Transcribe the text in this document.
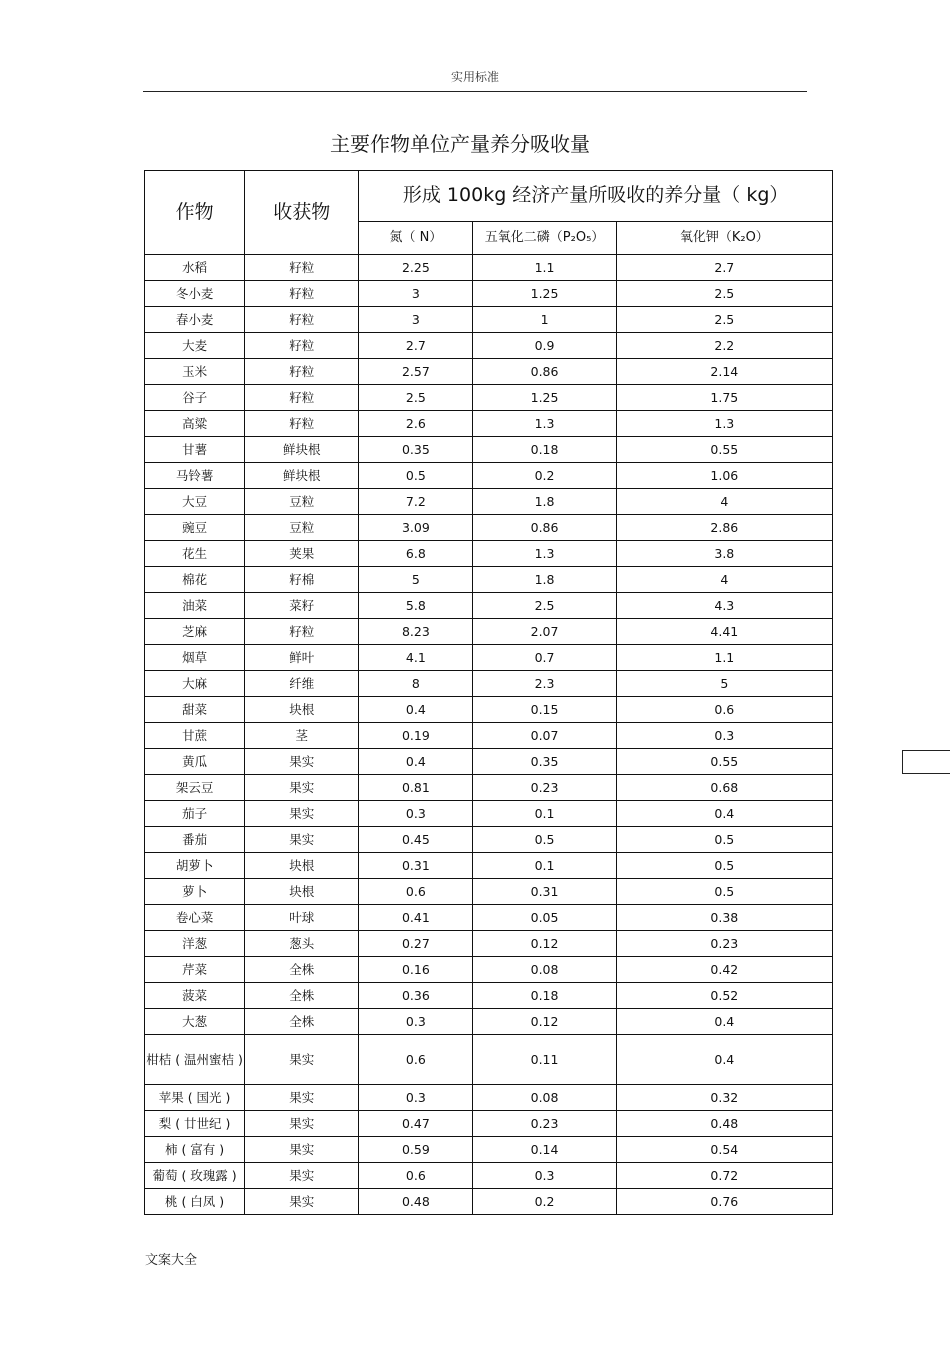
实用标准
主要作物单位产量养分吸收量
作物	收获物	形成 100kg 经济产量所吸收的养分量（ kg）		
		氮（ N）	五氧化二磷（P₂O₅）	氧化钾（K₂O）
水稻	籽粒	2.25	1.1	2.7
冬小麦	籽粒	3	1.25	2.5
春小麦	籽粒	3	1	2.5
大麦	籽粒	2.7	0.9	2.2
玉米	籽粒	2.57	0.86	2.14
谷子	籽粒	2.5	1.25	1.75
高粱	籽粒	2.6	1.3	1.3
甘薯	鲜块根	0.35	0.18	0.55
马铃薯	鲜块根	0.5	0.2	1.06
大豆	豆粒	7.2	1.8	4
豌豆	豆粒	3.09	0.86	2.86
花生	荚果	6.8	1.3	3.8
棉花	籽棉	5	1.8	4
油菜	菜籽	5.8	2.5	4.3
芝麻	籽粒	8.23	2.07	4.41
烟草	鲜叶	4.1	0.7	1.1
大麻	纤维	8	2.3	5
甜菜	块根	0.4	0.15	0.6
甘蔗	茎	0.19	0.07	0.3
黄瓜	果实	0.4	0.35	0.55
架云豆	果实	0.81	0.23	0.68
茄子	果实	0.3	0.1	0.4
番茄	果实	0.45	0.5	0.5
胡萝卜	块根	0.31	0.1	0.5
萝卜	块根	0.6	0.31	0.5
卷心菜	叶球	0.41	0.05	0.38
洋葱	葱头	0.27	0.12	0.23
芹菜	全株	0.16	0.08	0.42
菠菜	全株	0.36	0.18	0.52
大葱	全株	0.3	0.12	0.4
柑桔 ( 温州蜜桔 )	果实	0.6	0.11	0.4
苹果 ( 国光 )	果实	0.3	0.08	0.32
梨 ( 廿世纪 )	果实	0.47	0.23	0.48
柿 ( 富有 )	果实	0.59	0.14	0.54
葡萄 ( 玫瑰露 )	果实	0.6	0.3	0.72
桃 ( 白凤 )	果实	0.48	0.2	0.76
文案大全
